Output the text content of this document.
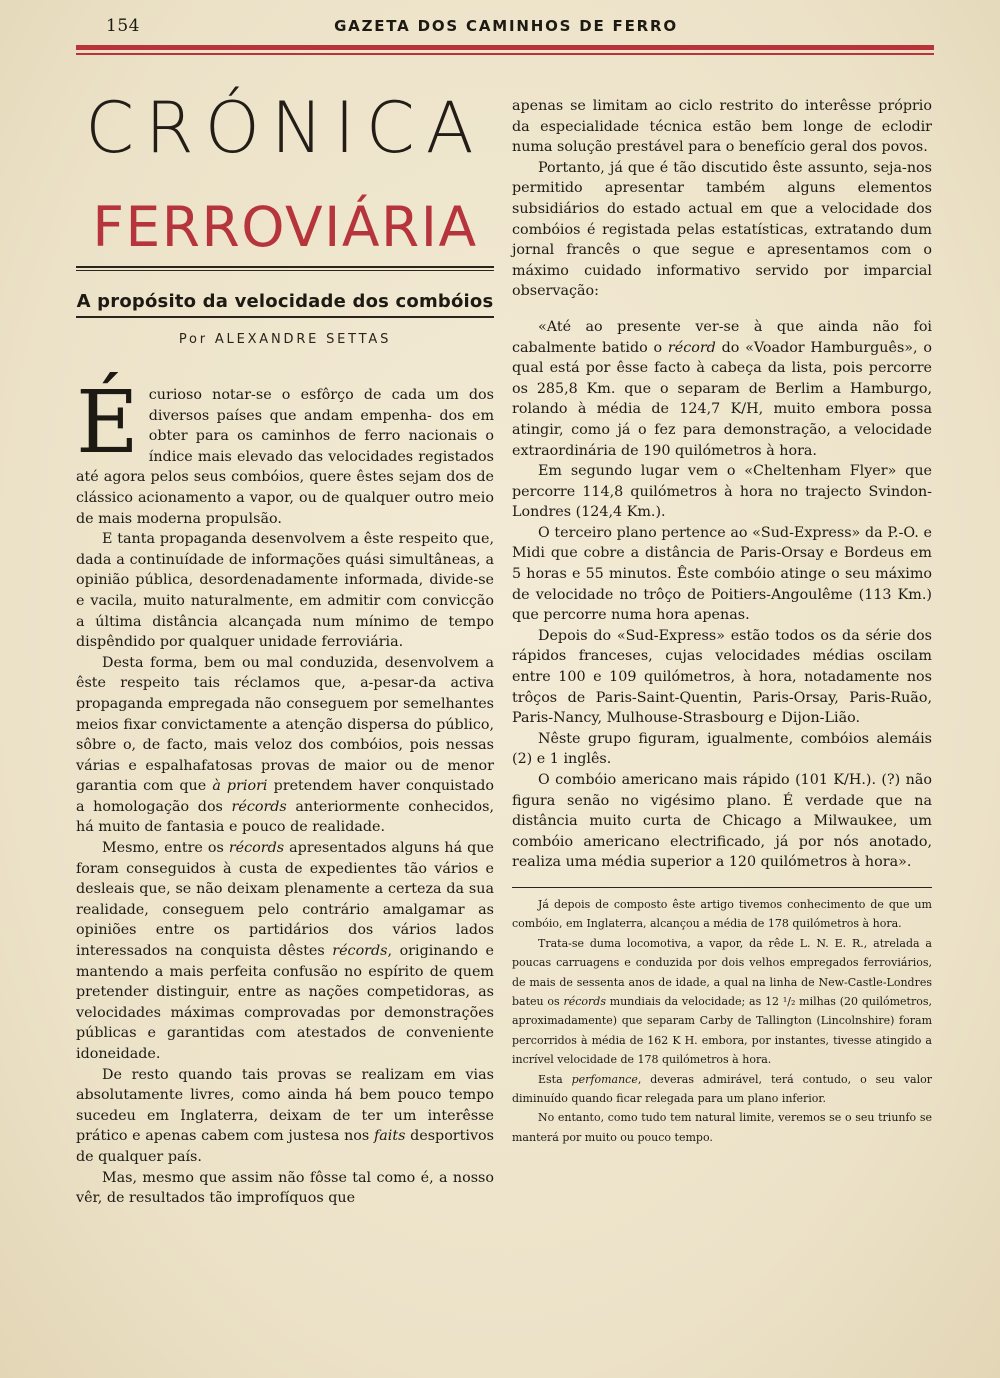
154	GAZETA DOS CAMINHOS DE FERRO
CRÓNICA
FERROVIÁRIA
A propósito da velocidade dos combóios
Por ALEXANDRE SETTAS

Écurioso notar-se o esfôrço de cada um dos diversos países que andam empenha- dos em obter para os caminhos de ferro nacionais o índice mais elevado das velocidades registados até agora pelos seus combóios, quere êstes sejam dos de clássico acionamento a vapor, ou de qualquer outro meio de mais moderna propulsão.

E tanta propaganda desenvolvem a êste respeito que, dada a continuídade de informações quási simultâneas, a opinião pública, desordenadamente informada, divide-se e vacila, muito naturalmente, em admitir com convicção a última distância alcançada num mínimo de tempo dispêndido por qualquer unidade ferroviária.

Desta forma, bem ou mal conduzida, desenvolvem a êste respeito tais réclamos que, a-pesar-da activa propaganda empregada não conseguem por semelhantes meios fixar convictamente a atenção dispersa do público, sôbre o, de facto, mais veloz dos combóios, pois nessas várias e espalhafatosas provas de maior ou de menor garantia com que à priori pretendem haver conquistado a homologação dos récords anteriormente conhecidos, há muito de fantasia e pouco de realidade.

Mesmo, entre os récords apresentados alguns há que foram conseguidos à custa de expedientes tão vários e desleais que, se não deixam plenamente a certeza da sua realidade, conseguem pelo contrário amalgamar as opiniões entre os partidários dos vários lados interessados na conquista dêstes récords, originando e mantendo a mais perfeita confusão no espírito de quem pretender distinguir, entre as nações competidoras, as velocidades máximas comprovadas por demonstrações públicas e garantidas com atestados de conveniente idoneidade.

De resto quando tais provas se realizam em vias absolutamente livres, como ainda há bem pouco tempo sucedeu em Inglaterra, deixam de ter um interêsse prático e apenas cabem com justesa nos faits desportivos de qualquer país.

Mas, mesmo que assim não fôsse tal como é, a nosso vêr, de resultados tão improfíquos que

apenas se limitam ao ciclo restrito do interêsse próprio da especialidade técnica estão bem longe de eclodir numa solução prestável para o benefício geral dos povos.

Portanto, já que é tão discutido êste assunto, seja-nos permitido apresentar também alguns elementos subsidiários do estado actual em que a velocidade dos combóios é registada pelas estatísticas, extratando dum jornal francês o que segue e apresentamos com o máximo cuidado informativo servido por imparcial observação:

«Até ao presente ver-se à que ainda não foi cabalmente batido o récord do «Voador Hamburguês», o qual está por êsse facto à cabeça da lista, pois percorre os 285,8 Km. que o separam de Berlim a Hamburgo, rolando à média de 124,7 K/H, muito embora possa atingir, como já o fez para demonstração, a velocidade extraordinária de 190 quilómetros à hora.

Em segundo lugar vem o «Cheltenham Flyer» que percorre 114,8 quilómetros à hora no trajecto Svindon-Londres (124,4 Km.).

O terceiro plano pertence ao «Sud-Express» da P.-O. e Midi que cobre a distância de Paris-Orsay e Bordeus em 5 horas e 55 minutos. Êste combóio atinge o seu máximo de velocidade no trôço de Poitiers-Angoulême (113 Km.) que percorre numa hora apenas.

Depois do «Sud-Express» estão todos os da série dos rápidos franceses, cujas velocidades médias oscilam entre 100 e 109 quilómetros, à hora, notadamente nos trôços de Paris-Saint-Quentin, Paris-Orsay, Paris-Ruão, Paris-Nancy, Mulhouse-Strasbourg e Dijon-Lião.

Nêste grupo figuram, igualmente, combóios alemáis (2) e 1 inglês.

O combóio americano mais rápido (101 K/H.). (?) não figura senão no vigésimo plano. É verdade que na distância muito curta de Chicago a Milwaukee, um combóio americano electrificado, já por nós anotado, realiza uma média superior a 120 quilómetros à hora».

Já depois de composto êste artigo tivemos conhecimento de que um combóio, em Inglaterra, alcançou a média de 178 quilómetros à hora.

Trata-se duma locomotiva, a vapor, da rêde L. N. E. R., atrelada a poucas carruagens e conduzida por dois velhos empregados ferroviários, de mais de sessenta anos de idade, a qual na linha de New-Castle-Londres bateu os récords mundiais da velocidade; as 12 ¹/₂ milhas (20 quilómetros, aproximadamente) que separam Carby de Tallington (Lincolnshire) foram percorridos à média de 162 K H. embora, por instantes, tivesse atingido a incrível velocidade de 178 quilómetros à hora.

Esta perfomance, deveras admirável, terá contudo, o seu valor diminuído quando ficar relegada para um plano inferior.

No entanto, como tudo tem natural limite, veremos se o seu triunfo se manterá por muito ou pouco tempo.
